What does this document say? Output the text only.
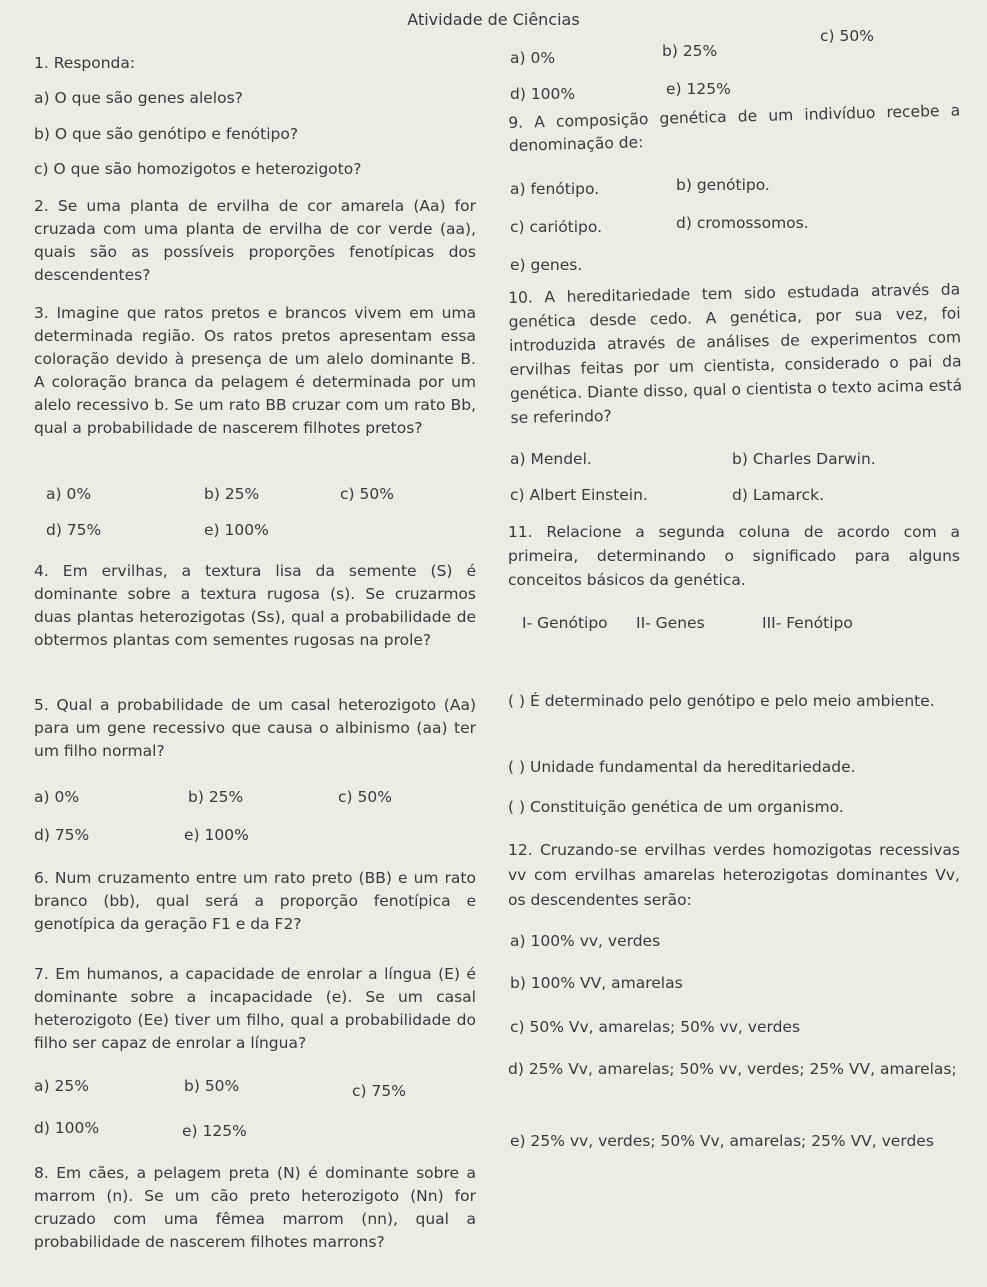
Atividade de Ciências
1. Responda:
a) O que são genes alelos?
b) O que são genótipo e fenótipo?
c) O que são homozigotos e heterozigoto?
2. Se uma planta de ervilha de cor amarela (Aa) for cruzada com uma planta de ervilha de cor verde (aa), quais são as possíveis proporções fenotípicas dos descendentes?
3. Imagine que ratos pretos e brancos vivem em uma determinada região. Os ratos pretos apresentam essa coloração devido à presença de um alelo dominante B. A coloração branca da pelagem é determinada por um alelo recessivo b. Se um rato BB cruzar com um rato Bb, qual a probabilidade de nascerem filhotes pretos?
a) 0%	b) 25%	c) 50%
d) 75%	e) 100%
4. Em ervilhas, a textura lisa da semente (S) é dominante sobre a textura rugosa (s). Se cruzarmos duas plantas heterozigotas (Ss), qual a probabilidade de obtermos plantas com sementes rugosas na prole?
5. Qual a probabilidade de um casal heterozigoto (Aa) para um gene recessivo que causa o albinismo (aa) ter um filho normal?
a) 0%	b) 25%	c) 50%
d) 75%	e) 100%
6. Num cruzamento entre um rato preto (BB) e um rato branco (bb), qual será a proporção fenotípica e genotípica da geração F1 e da F2?
7. Em humanos, a capacidade de enrolar a língua (E) é dominante sobre a incapacidade (e). Se um casal heterozigoto (Ee) tiver um filho, qual a probabilidade do filho ser capaz de enrolar a língua?
a) 25%	b) 50%	c) 75%
d) 100%	e) 125%
8. Em cães, a pelagem preta (N) é dominante sobre a marrom (n). Se um cão preto heterozigoto (Nn) for cruzado com uma fêmea marrom (nn), qual a probabilidade de nascerem filhotes marrons?
a) 0%	b) 25%
c) 50%
d) 100%	e) 125%
9. A composição genética de um indivíduo recebe a denominação de:
a) fenótipo.	b) genótipo.
c) cariótipo.	d) cromossomos.
e) genes.
10. A hereditariedade tem sido estudada através da genética desde cedo. A genética, por sua vez, foi introduzida através de análises de experimentos com ervilhas feitas por um cientista, considerado o pai da genética. Diante disso, qual o cientista o texto acima está se referindo?
a) Mendel.	b) Charles Darwin.
c) Albert Einstein.	d) Lamarck.
11. Relacione a segunda coluna de acordo com a primeira, determinando o significado para alguns conceitos básicos da genética.
I- Genótipo II- Genes	III- Fenótipo
( ) É determinado pelo genótipo e pelo meio ambiente.
( ) Unidade fundamental da hereditariedade.
( ) Constituição genética de um organismo.
12. Cruzando-se ervilhas verdes homozigotas recessivas vv com ervilhas amarelas heterozigotas dominantes Vv, os descendentes serão:
a) 100% vv, verdes
b) 100% VV, amarelas
c) 50% Vv, amarelas; 50% vv, verdes
d) 25% Vv, amarelas; 50% vv, verdes; 25% VV, amarelas;
e) 25% vv, verdes; 50% Vv, amarelas; 25% VV, verdes
